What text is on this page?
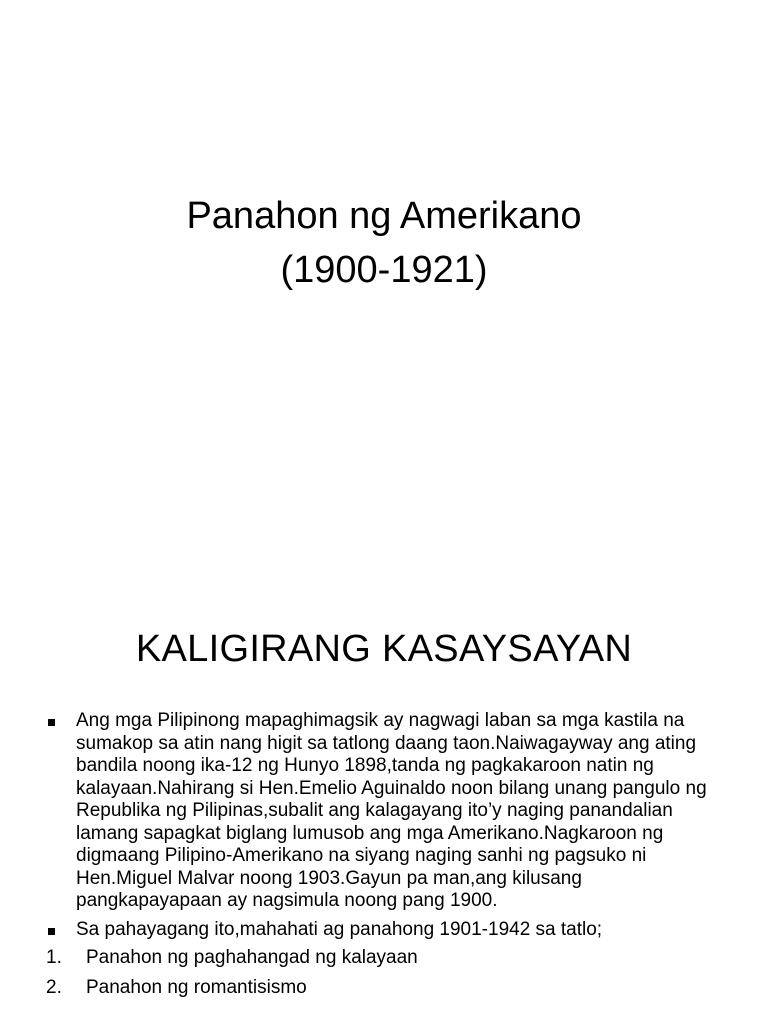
Panahon ng Amerikano
(1900-1921)
KALIGIRANG KASAYSAYAN
Ang mga Pilipinong mapaghimagsik ay nagwagi laban sa mga kastila na sumakop sa atin nang higit sa tatlong daang taon.Naiwagayway ang ating bandila noong ika-12 ng Hunyo 1898,tanda ng pagkakaroon natin ng kalayaan.Nahirang si Hen.Emelio Aguinaldo noon bilang unang pangulo ng Republika ng Pilipinas,subalit ang kalagayang ito’y naging panandalian lamang sapagkat biglang lumusob ang mga Amerikano.Nagkaroon ng digmaang Pilipino-Amerikano na siyang naging sanhi ng pagsuko ni Hen.Miguel Malvar noong 1903.Gayun pa man,ang kilusang pangkapayapaan ay nagsimula noong pang 1900.
Sa pahayagang ito,mahahati ag panahong 1901-1942 sa tatlo;
1. Panahon ng paghahangad ng kalayaan
2. Panahon ng romantisismo
